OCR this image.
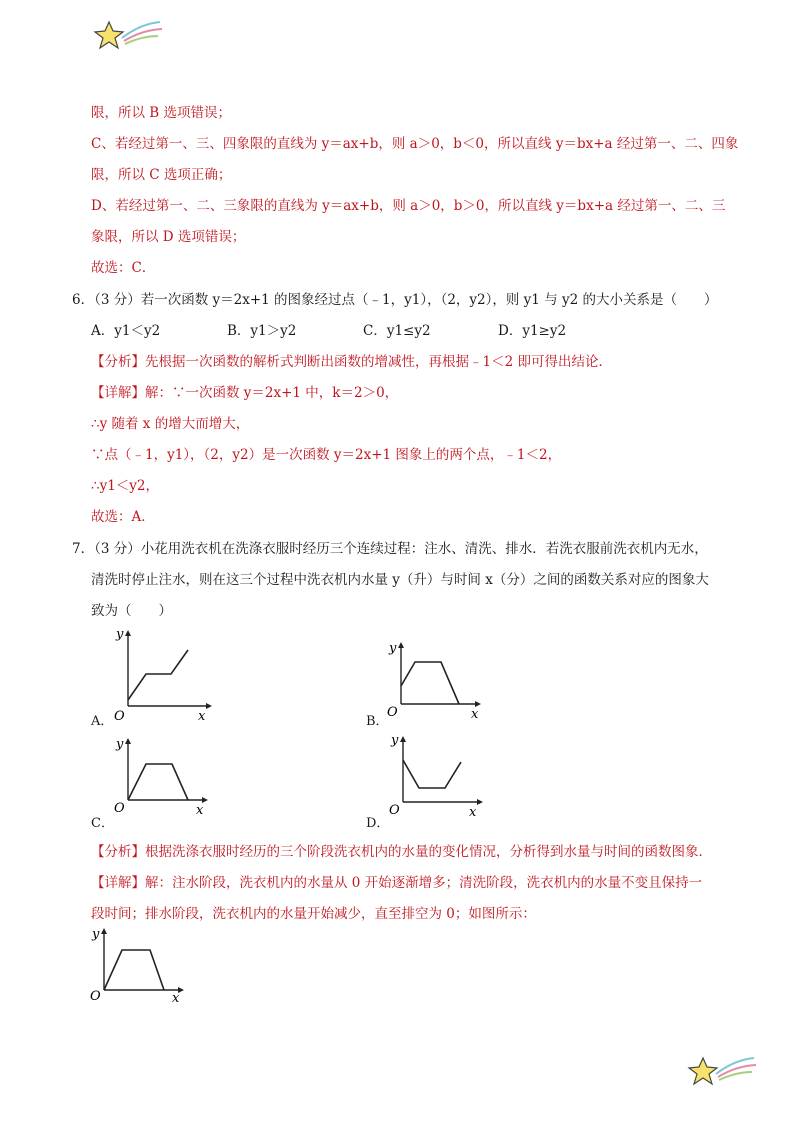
限，所以 B 选项错误；
C、若经过第一、三、四象限的直线为 y＝ax+b，则 a＞0，b＜0，所以直线 y＝bx+a 经过第一、二、四象
限，所以 C 选项正确；
D、若经过第一、二、三象限的直线为 y＝ax+b，则 a＞0，b＞0，所以直线 y＝bx+a 经过第一、二、三
象限，所以 D 选项错误；
故选：C．
6．（3 分）若一次函数 y＝2x+1 的图象经过点（﹣1，y1），（2，y2），则 y1 与 y2 的大小关系是（　　）
A．y1＜y2	B．y1＞y2	C．y1≤y2	D．y1≥y2
【分析】先根据一次函数的解析式判断出函数的增减性，再根据﹣1＜2 即可得出结论．
【详解】解：∵一次函数 y＝2x+1 中，k＝2＞0，
∴y 随着 x 的增大而增大，
∵点（﹣1，y1），（2，y2）是一次函数 y＝2x+1 图象上的两个点，﹣1＜2，
∴y1＜y2，
故选：A．
7．（3 分）小花用洗衣机在洗涤衣服时经历三个连续过程：注水、清洗、排水．若洗衣服前洗衣机内无水，
清洗时停止注水，则在这三个过程中洗衣机内水量 y（升）与时间 x（分）之间的函数关系对应的图象大
致为（　　）
y
x
O
A．
y
x
O
B．
y
x
O
C．
y
x
O
D．
【分析】根据洗涤衣服时经历的三个阶段洗衣机内的水量的变化情况，分析得到水量与时间的函数图象．
【详解】解：注水阶段，洗衣机内的水量从 0 开始逐渐增多；清洗阶段，洗衣机内的水量不变且保持一
段时间；排水阶段，洗衣机内的水量开始减少，直至排空为 0；如图所示：
y
x
O
